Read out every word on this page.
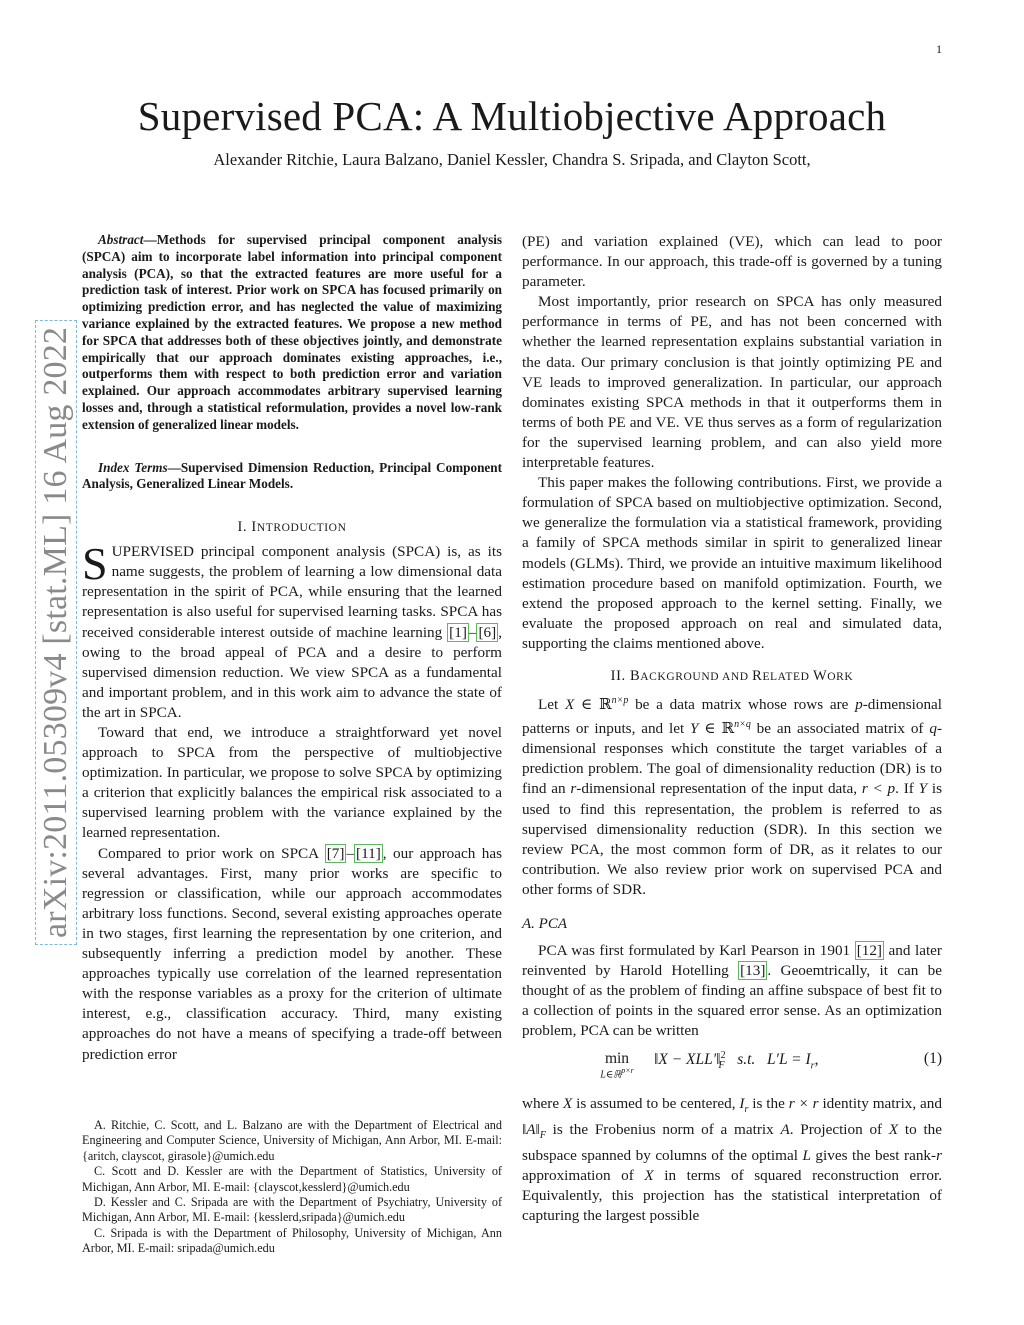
1
arXiv:2011.05309v4 [stat.ML] 16 Aug 2022
Supervised PCA: A Multiobjective Approach
Alexander Ritchie, Laura Balzano, Daniel Kessler, Chandra S. Sripada, and Clayton Scott,

Abstract—Methods for supervised principal component analysis (SPCA) aim to incorporate label information into principal component analysis (PCA), so that the extracted features are more useful for a prediction task of interest. Prior work on SPCA has focused primarily on optimizing prediction error, and has neglected the value of maximizing variance explained by the extracted features. We propose a new method for SPCA that addresses both of these objectives jointly, and demonstrate empirically that our approach dominates existing approaches, i.e., outperforms them with respect to both prediction error and variation explained. Our approach accommodates arbitrary supervised learning losses and, through a statistical reformulation, provides a novel low-rank extension of generalized linear models.

Index Terms—Supervised Dimension Reduction, Principal Component Analysis, Generalized Linear Models.

I. INTRODUCTION

SUPERVISED principal component analysis (SPCA) is, as its name suggests, the problem of learning a low dimensional data representation in the spirit of PCA, while ensuring that the learned representation is also useful for supervised learning tasks. SPCA has received considerable interest outside of machine learning [1] – [6] , owing to the broad appeal of PCA and a desire to perform supervised dimension reduction. We view SPCA as a fundamental and important problem, and in this work aim to advance the state of the art in SPCA.

Toward that end, we introduce a straightforward yet novel approach to SPCA from the perspective of multiobjective optimization. In particular, we propose to solve SPCA by optimizing a criterion that explicitly balances the empirical risk associated to a supervised learning problem with the variance explained by the learned representation.

Compared to prior work on SPCA [7] – [11] , our approach has several advantages. First, many prior works are specific to regression or classification, while our approach accommodates arbitrary loss functions. Second, several existing approaches operate in two stages, first learning the representation by one criterion, and subsequently inferring a prediction model by another. These approaches typically use correlation of the learned representation with the response variables as a proxy for the criterion of ultimate interest, e.g., classification accuracy. Third, many existing approaches do not have a means of specifying a trade-off between prediction error

A. Ritchie, C. Scott, and L. Balzano are with the Department of Electrical and Engineering and Computer Science, University of Michigan, Ann Arbor, MI. E-mail: {aritch, clayscot, girasole}@umich.edu

C. Scott and D. Kessler are with the Department of Statistics, University of Michigan, Ann Arbor, MI. E-mail: {clayscot,kesslerd}@umich.edu

D. Kessler and C. Sripada are with the Department of Psychiatry, University of Michigan, Ann Arbor, MI. E-mail: {kesslerd,sripada}@umich.edu

C. Sripada is with the Department of Philosophy, University of Michigan, Ann Arbor, MI. E-mail: sripada@umich.edu

(PE) and variation explained (VE), which can lead to poor performance. In our approach, this trade-off is governed by a tuning parameter.

Most importantly, prior research on SPCA has only measured performance in terms of PE, and has not been concerned with whether the learned representation explains substantial variation in the data. Our primary conclusion is that jointly optimizing PE and VE leads to improved generalization. In particular, our approach dominates existing SPCA methods in that it outperforms them in terms of both PE and VE. VE thus serves as a form of regularization for the supervised learning problem, and can also yield more interpretable features.

This paper makes the following contributions. First, we provide a formulation of SPCA based on multiobjective optimization. Second, we generalize the formulation via a statistical framework, providing a family of SPCA methods similar in spirit to generalized linear models (GLMs). Third, we provide an intuitive maximum likelihood estimation procedure based on manifold optimization. Fourth, we extend the proposed approach to the kernel setting. Finally, we evaluate the proposed approach on real and simulated data, supporting the claims mentioned above.

II. BACKGROUND AND RELATED WORK

Let X ∈ ℝ$^{n\times p}$ be a data matrix whose rows are p-dimensional patterns or inputs, and let Y ∈ ℝ$^{n\times q}$ be an associated matrix of q-dimensional responses which constitute the target variables of a prediction problem. The goal of dimensionality reduction (DR) is to find an r-dimensional representation of the input data, r < p. If Y is used to find this representation, the problem is referred to as supervised dimensionality reduction (SDR). In this section we review PCA, the most common form of DR, as it relates to our contribution. We also review prior work on supervised PCA and other forms of SDR.

A. PCA

PCA was first formulated by Karl Pearson in 1901 [12] and later reinvented by Harold Hotelling [13] . Geoemtrically, it can be thought of as the problem of finding an affine subspace of best fit to a collection of points in the squared error sense. As an optimization problem, PCA can be written

min
L∈ℝ$^{p\times r}$
‖X − $XLL'‖_F^2$ s.t. $L'L = I_r$,	(1)

where X is assumed to be centered, $I_r$ is the r × r identity matrix, and $‖A‖_F$ is the Frobenius norm of a matrix A. Projection of X to the subspace spanned by columns of the optimal L gives the best rank-r approximation of X in terms of squared reconstruction error. Equivalently, this projection has the statistical interpretation of capturing the largest possible
